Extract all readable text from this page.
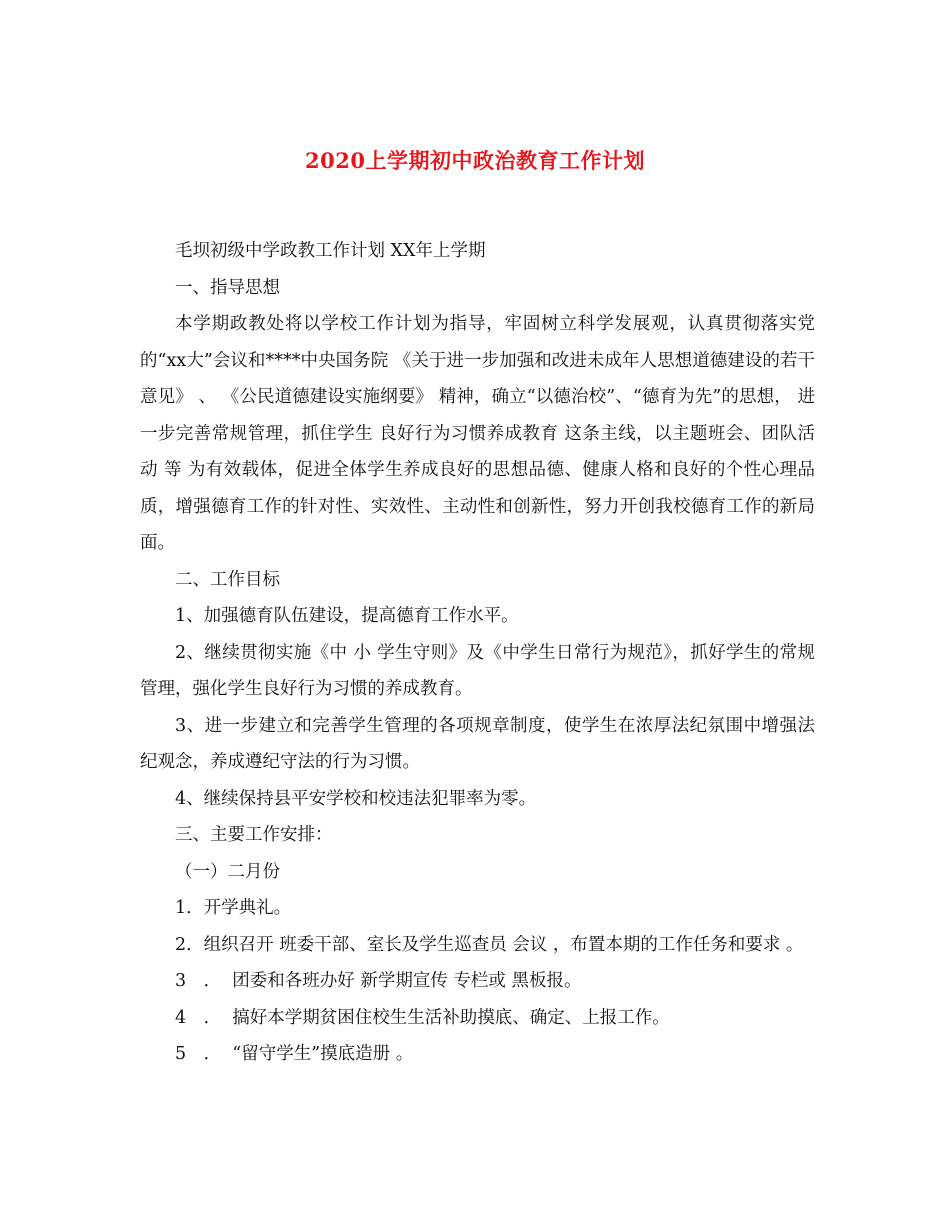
2020上学期初中政治教育工作计划

毛坝初级中学政教工作计划 XX年上学期

一、指导思想

本学期政教处将以学校工作计划为指导，牢固树立科学发展观，认真贯彻落实党的“xx大”会议和****中央国务院 《关于进一步加强和改进未成年人思想道德建设的若干意见》 、 《公民道德建设实施纲要》 精神，确立“以德治校”、“德育为先”的思想， 进一步完善常规管理，抓住学生 良好行为习惯养成教育 这条主线，以主题班会、团队活动 等 为有效载体，促进全体学生养成良好的思想品德、健康人格和良好的个性心理品质，增强德育工作的针对性、实效性、主动性和创新性，努力开创我校德育工作的新局面。

二、工作目标

1、加强德育队伍建设，提高德育工作水平。

2、继续贯彻实施《中 小 学生守则》及《中学生日常行为规范》，抓好学生的常规管理，强化学生良好行为习惯的养成教育。

3、进一步建立和完善学生管理的各项规章制度，使学生在浓厚法纪氛围中增强法纪观念，养成遵纪守法的行为习惯。

4、继续保持县平安学校和校违法犯罪率为零。

三、主要工作安排：

（一）二月份

1．开学典礼。

2．组织召开 班委干部、室长及学生巡查员 会议 ，布置本期的工作任务和要求 。

3　．  团委和各班办好 新学期宣传 专栏或 黑板报。

4　．  搞好本学期贫困住校生生活补助摸底、确定、上报工作。

5　．  “留守学生”摸底造册 。
